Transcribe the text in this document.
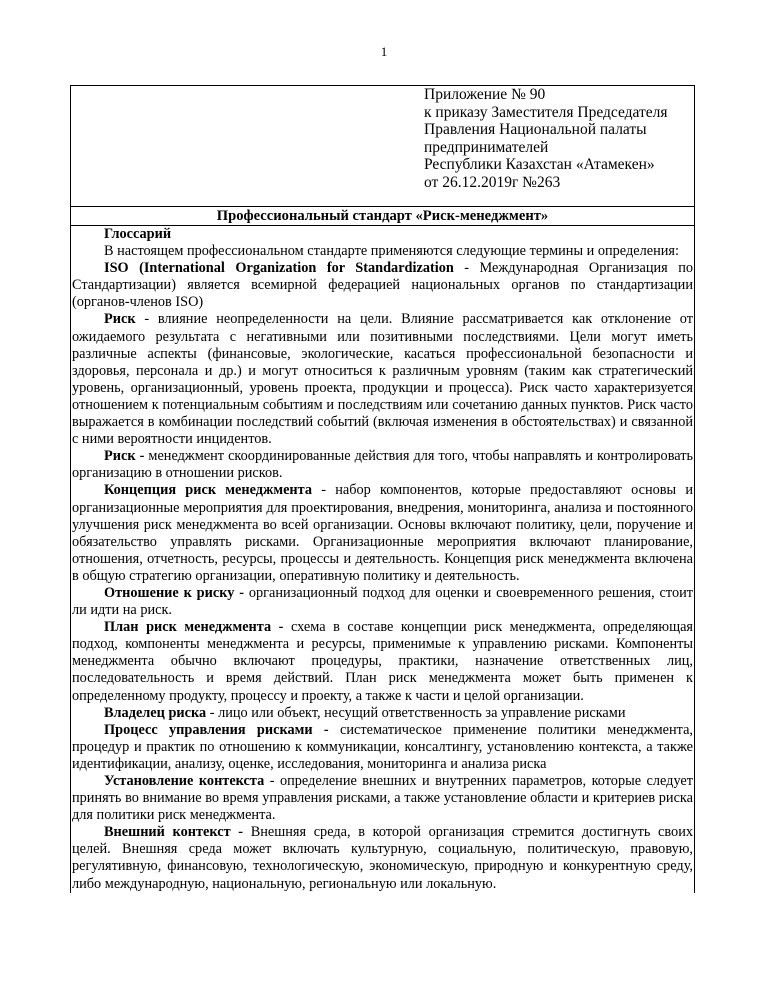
1
Приложение № 90
к приказу Заместителя Председателя
Правления Национальной палаты
предпринимателей
Республики Казахстан «Атамекен»
от 26.12.2019г №263
Профессиональный стандарт «Риск-менеджмент»
Глоссарий

В настоящем профессиональном стандарте применяются следующие термины и определения:

ISO (International Organization for Standardization - Международная Организация по Стандартизации) является всемирной федерацией национальных органов по стандартизации (органов-членов ISO)

Риск - влияние неопределенности на цели. Влияние рассматривается как отклонение от ожидаемого результата с негативными или позитивными последствиями. Цели могут иметь различные аспекты (финансовые, экологические, касаться профессиональной безопасности и здоровья, персонала и др.) и могут относиться к различным уровням (таким как стратегический уровень, организационный, уровень проекта, продукции и процесса). Риск часто характеризуется отношением к потенциальным событиям и последствиям или сочетанию данных пунктов. Риск часто выражается в комбинации последствий событий (включая изменения в обстоятельствах) и связанной с ними вероятности инцидентов.

Риск - менеджмент скоординированные действия для того, чтобы направлять и контролировать организацию в отношении рисков.

Концепция риск менеджмента - набор компонентов, которые предоставляют основы и организационные мероприятия для проектирования, внедрения, мониторинга, анализа и постоянного улучшения риск менеджмента во всей организации. Основы включают политику, цели, поручение и обязательство управлять рисками. Организационные мероприятия включают планирование, отношения, отчетность, ресурсы, процессы и деятельность. Концепция риск менеджмента включена в общую стратегию организации, оперативную политику и деятельность.

Отношение к риску - организационный подход для оценки и своевременного решения, стоит ли идти на риск.

План риск менеджмента - схема в составе концепции риск менеджмента, определяющая подход, компоненты менеджмента и ресурсы, применимые к управлению рисками. Компоненты менеджмента обычно включают процедуры, практики, назначение ответственных лиц, последовательность и время действий. План риск менеджмента может быть применен к определенному продукту, процессу и проекту, а также к части и целой организации.

Владелец риска - лицо или объект, несущий ответственность за управление рисками

Процесс управления рисками - систематическое применение политики менеджмента, процедур и практик по отношению к коммуникации, консалтингу, установлению контекста, а также идентификации, анализу, оценке, исследования, мониторинга и анализа риска

Установление контекста - определение внешних и внутренних параметров, которые следует принять во внимание во время управления рисками, а также установление области и критериев риска для политики риск менеджмента.

Внешний контекст - Внешняя среда, в которой организация стремится достигнуть своих целей. Внешняя среда может включать культурную, социальную, политическую, правовую, регулятивную, финансовую, технологическую, экономическую, природную и конкурентную среду, либо международную, национальную, региональную или локальную.
